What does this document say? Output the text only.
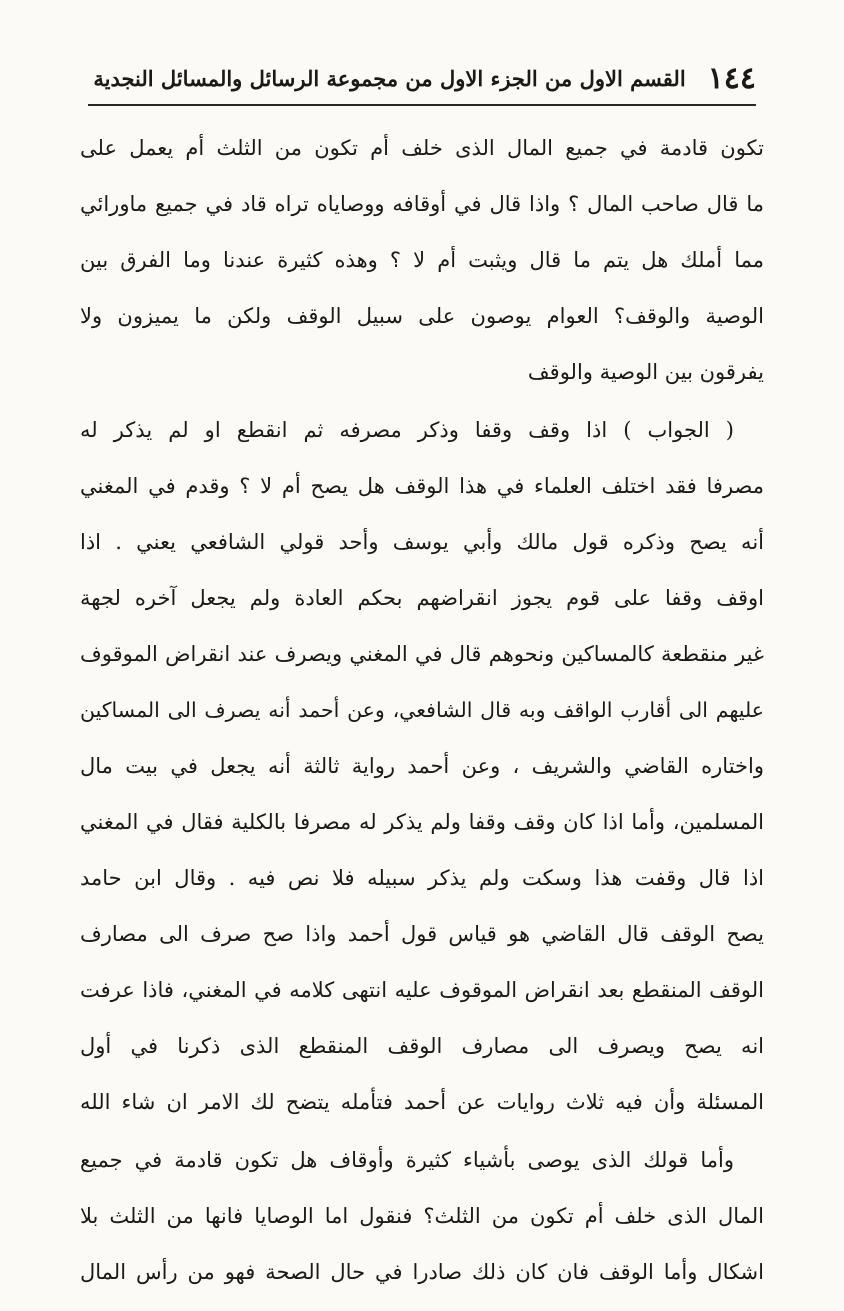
١٤٤
القسم الاول من الجزء الاول من مجموعة الرسائل والمسائل النجدية
تكون قادمة في جميع المال الذى خلف أم تكون من الثلث أم يعمل على
ما قال صاحب المال ؟ واذا قال في أوقافه ووصاياه تراه قاد في جميع ماورائي
مما أملك هل يتم ما قال ويثبت أم لا ؟ وهذه كثيرة عندنا وما الفرق بين
الوصية والوقف؟ العوام يوصون على سبيل الوقف ولكن ما يميزون ولا
يفرقون بين الوصية والوقف
( الجواب ) اذا وقف وقفا وذكر مصرفه ثم انقطع او لم يذكر له
مصرفا فقد اختلف العلماء في هذا الوقف هل يصح أم لا ؟ وقدم في المغني
أنه يصح وذكره قول مالك وأبي يوسف وأحد قولي الشافعي يعني . اذا
اوقف وقفا على قوم يجوز انقراضهم بحكم العادة ولم يجعل آخره لجهة
غير منقطعة كالمساكين ونحوهم قال في المغني ويصرف عند انقراض الموقوف
عليهم الى أقارب الواقف وبه قال الشافعي، وعن أحمد أنه يصرف الى المساكين
واختاره القاضي والشريف ، وعن أحمد رواية ثالثة أنه يجعل في بيت مال
المسلمين، وأما اذا كان وقف وقفا ولم يذكر له مصرفا بالكلية فقال في المغني
اذا قال وقفت هذا وسكت ولم يذكر سبيله فلا نص فيه . وقال ابن حامد
يصح الوقف قال القاضي هو قياس قول أحمد واذا صح صرف الى مصارف
الوقف المنقطع بعد انقراض الموقوف عليه انتهى كلامه في المغني، فاذا عرفت
انه يصح ويصرف الى مصارف الوقف المنقطع الذى ذكرنا في أول
المسئلة وأن فيه ثلاث روايات عن أحمد فتأمله يتضح لك الامر ان شاء الله
وأما قولك الذى يوصى بأشياء كثيرة وأوقاف هل تكون قادمة في جميع
المال الذى خلف أم تكون من الثلث؟ فنقول اما الوصايا فانها من الثلث بلا
اشكال وأما الوقف فان كان ذلك صادرا في حال الصحة فهو من رأس المال
